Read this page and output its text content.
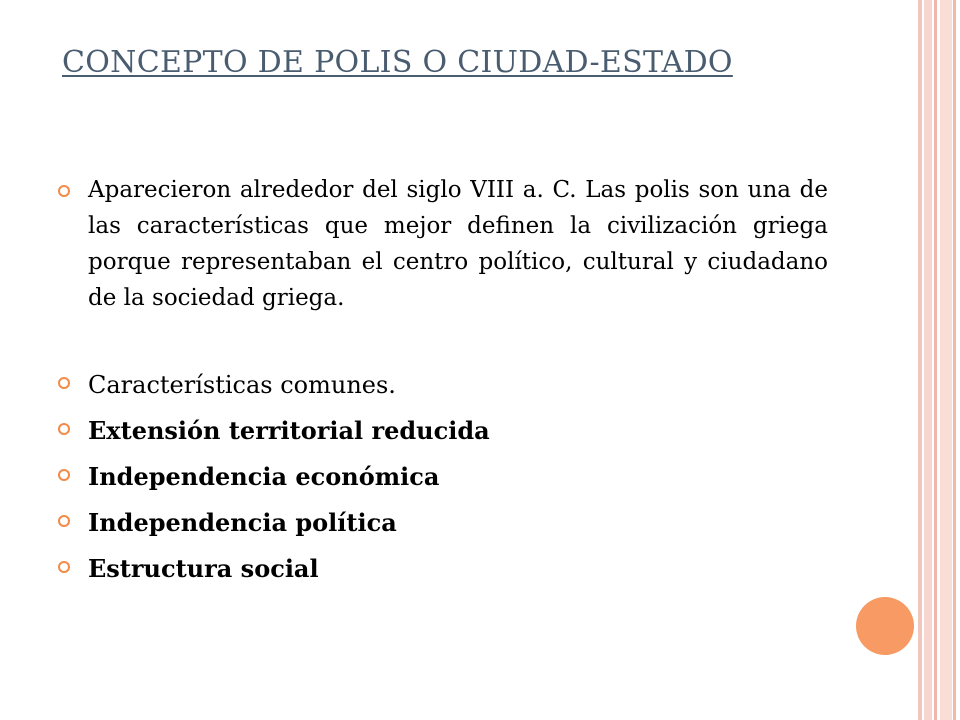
CONCEPTO DE POLIS O CIUDAD-ESTADO
Aparecieron alrededor del siglo VIII a. C. Las polis son una de las características que mejor definen la civilización griega porque representaban el centro político, cultural y ciudadano de la sociedad griega.
Características comunes.
Extensión territorial reducida
Independencia económica
Independencia política
Estructura social
